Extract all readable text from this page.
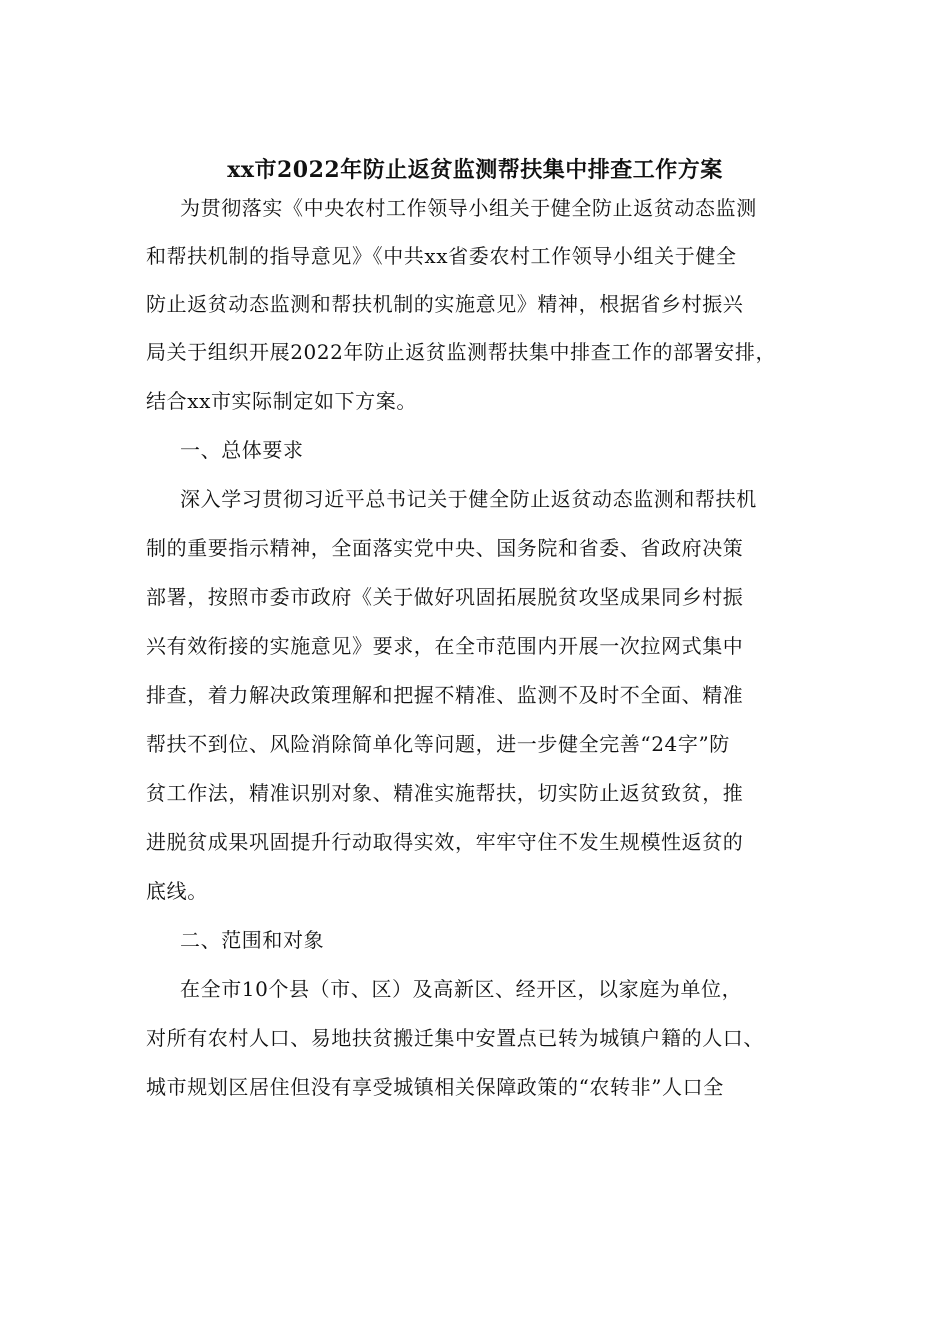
xx市2022年防止返贫监测帮扶集中排查工作方案
为贯彻落实《中央农村工作领导小组关于健全防止返贫动态监测
和帮扶机制的指导意见》《中共xx省委农村工作领导小组关于健全
防止返贫动态监测和帮扶机制的实施意见》精神，根据省乡村振兴
局关于组织开展2022年防止返贫监测帮扶集中排查工作的部署安排，
结合xx市实际制定如下方案。
一、总体要求
深入学习贯彻习近平总书记关于健全防止返贫动态监测和帮扶机
制的重要指示精神，全面落实党中央、国务院和省委、省政府决策
部署，按照市委市政府《关于做好巩固拓展脱贫攻坚成果同乡村振
兴有效衔接的实施意见》要求，在全市范围内开展一次拉网式集中
排查，着力解决政策理解和把握不精准、监测不及时不全面、精准
帮扶不到位、风险消除简单化等问题，进一步健全完善“24字”防
贫工作法，精准识别对象、精准实施帮扶，切实防止返贫致贫，推
进脱贫成果巩固提升行动取得实效，牢牢守住不发生规模性返贫的
底线。
二、范围和对象
在全市10个县（市、区）及高新区、经开区，以家庭为单位，
对所有农村人口、易地扶贫搬迁集中安置点已转为城镇户籍的人口、
城市规划区居住但没有享受城镇相关保障政策的“农转非”人口全
